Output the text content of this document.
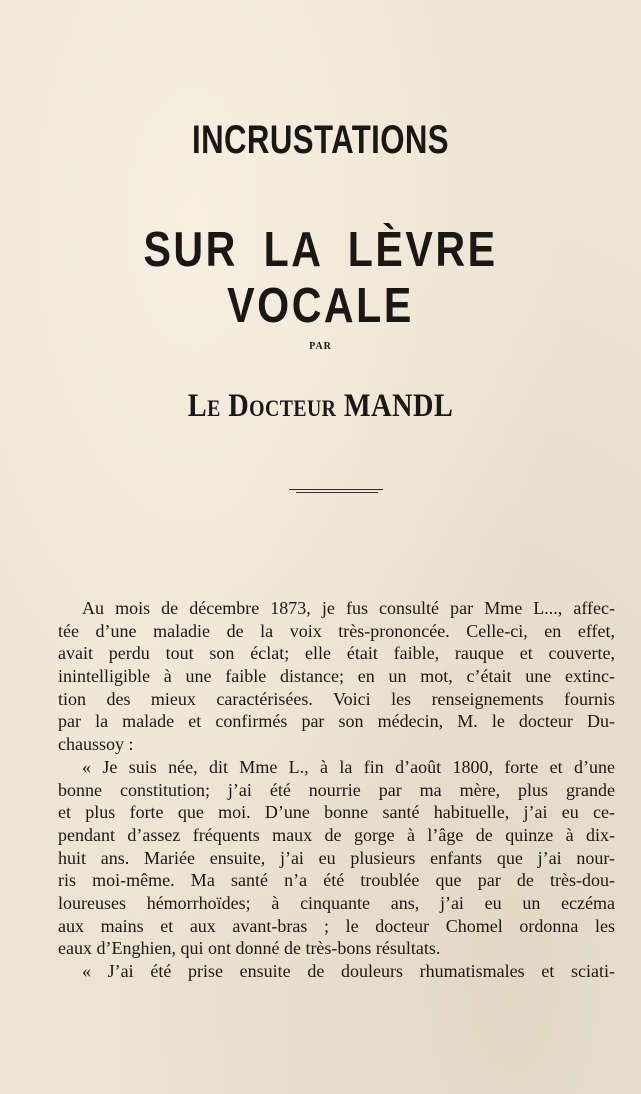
INCRUSTATIONS
SUR LA LÈVRE VOCALE
PAR
Le Docteur MANDL
Au mois de décembre 1873, je fus consulté par Mme L..., affec-
tée d’une maladie de la voix très-prononcée. Celle-ci, en effet,
avait perdu tout son éclat; elle était faible, rauque et couverte,
inintelligible à une faible distance; en un mot, c’était une extinc-
tion des mieux caractérisées. Voici les renseignements fournis
par la malade et confirmés par son médecin, M. le docteur Du-
chaussoy :
« Je suis née, dit Mme L., à la fin d’août 1800, forte et d’une
bonne constitution; j’ai été nourrie par ma mère, plus grande
et plus forte que moi. D’une bonne santé habituelle, j’ai eu ce-
pendant d’assez fréquents maux de gorge à l’âge de quinze à dix-
huit ans. Mariée ensuite, j’ai eu plusieurs enfants que j’ai nour-
ris moi-même. Ma santé n’a été troublée que par de très-dou-
loureuses hémorrhoïdes; à cinquante ans, j’ai eu un eczéma
aux mains et aux avant-bras ; le docteur Chomel ordonna les
eaux d’Enghien, qui ont donné de très-bons résultats.
« J’ai été prise ensuite de douleurs rhumatismales et sciati-
